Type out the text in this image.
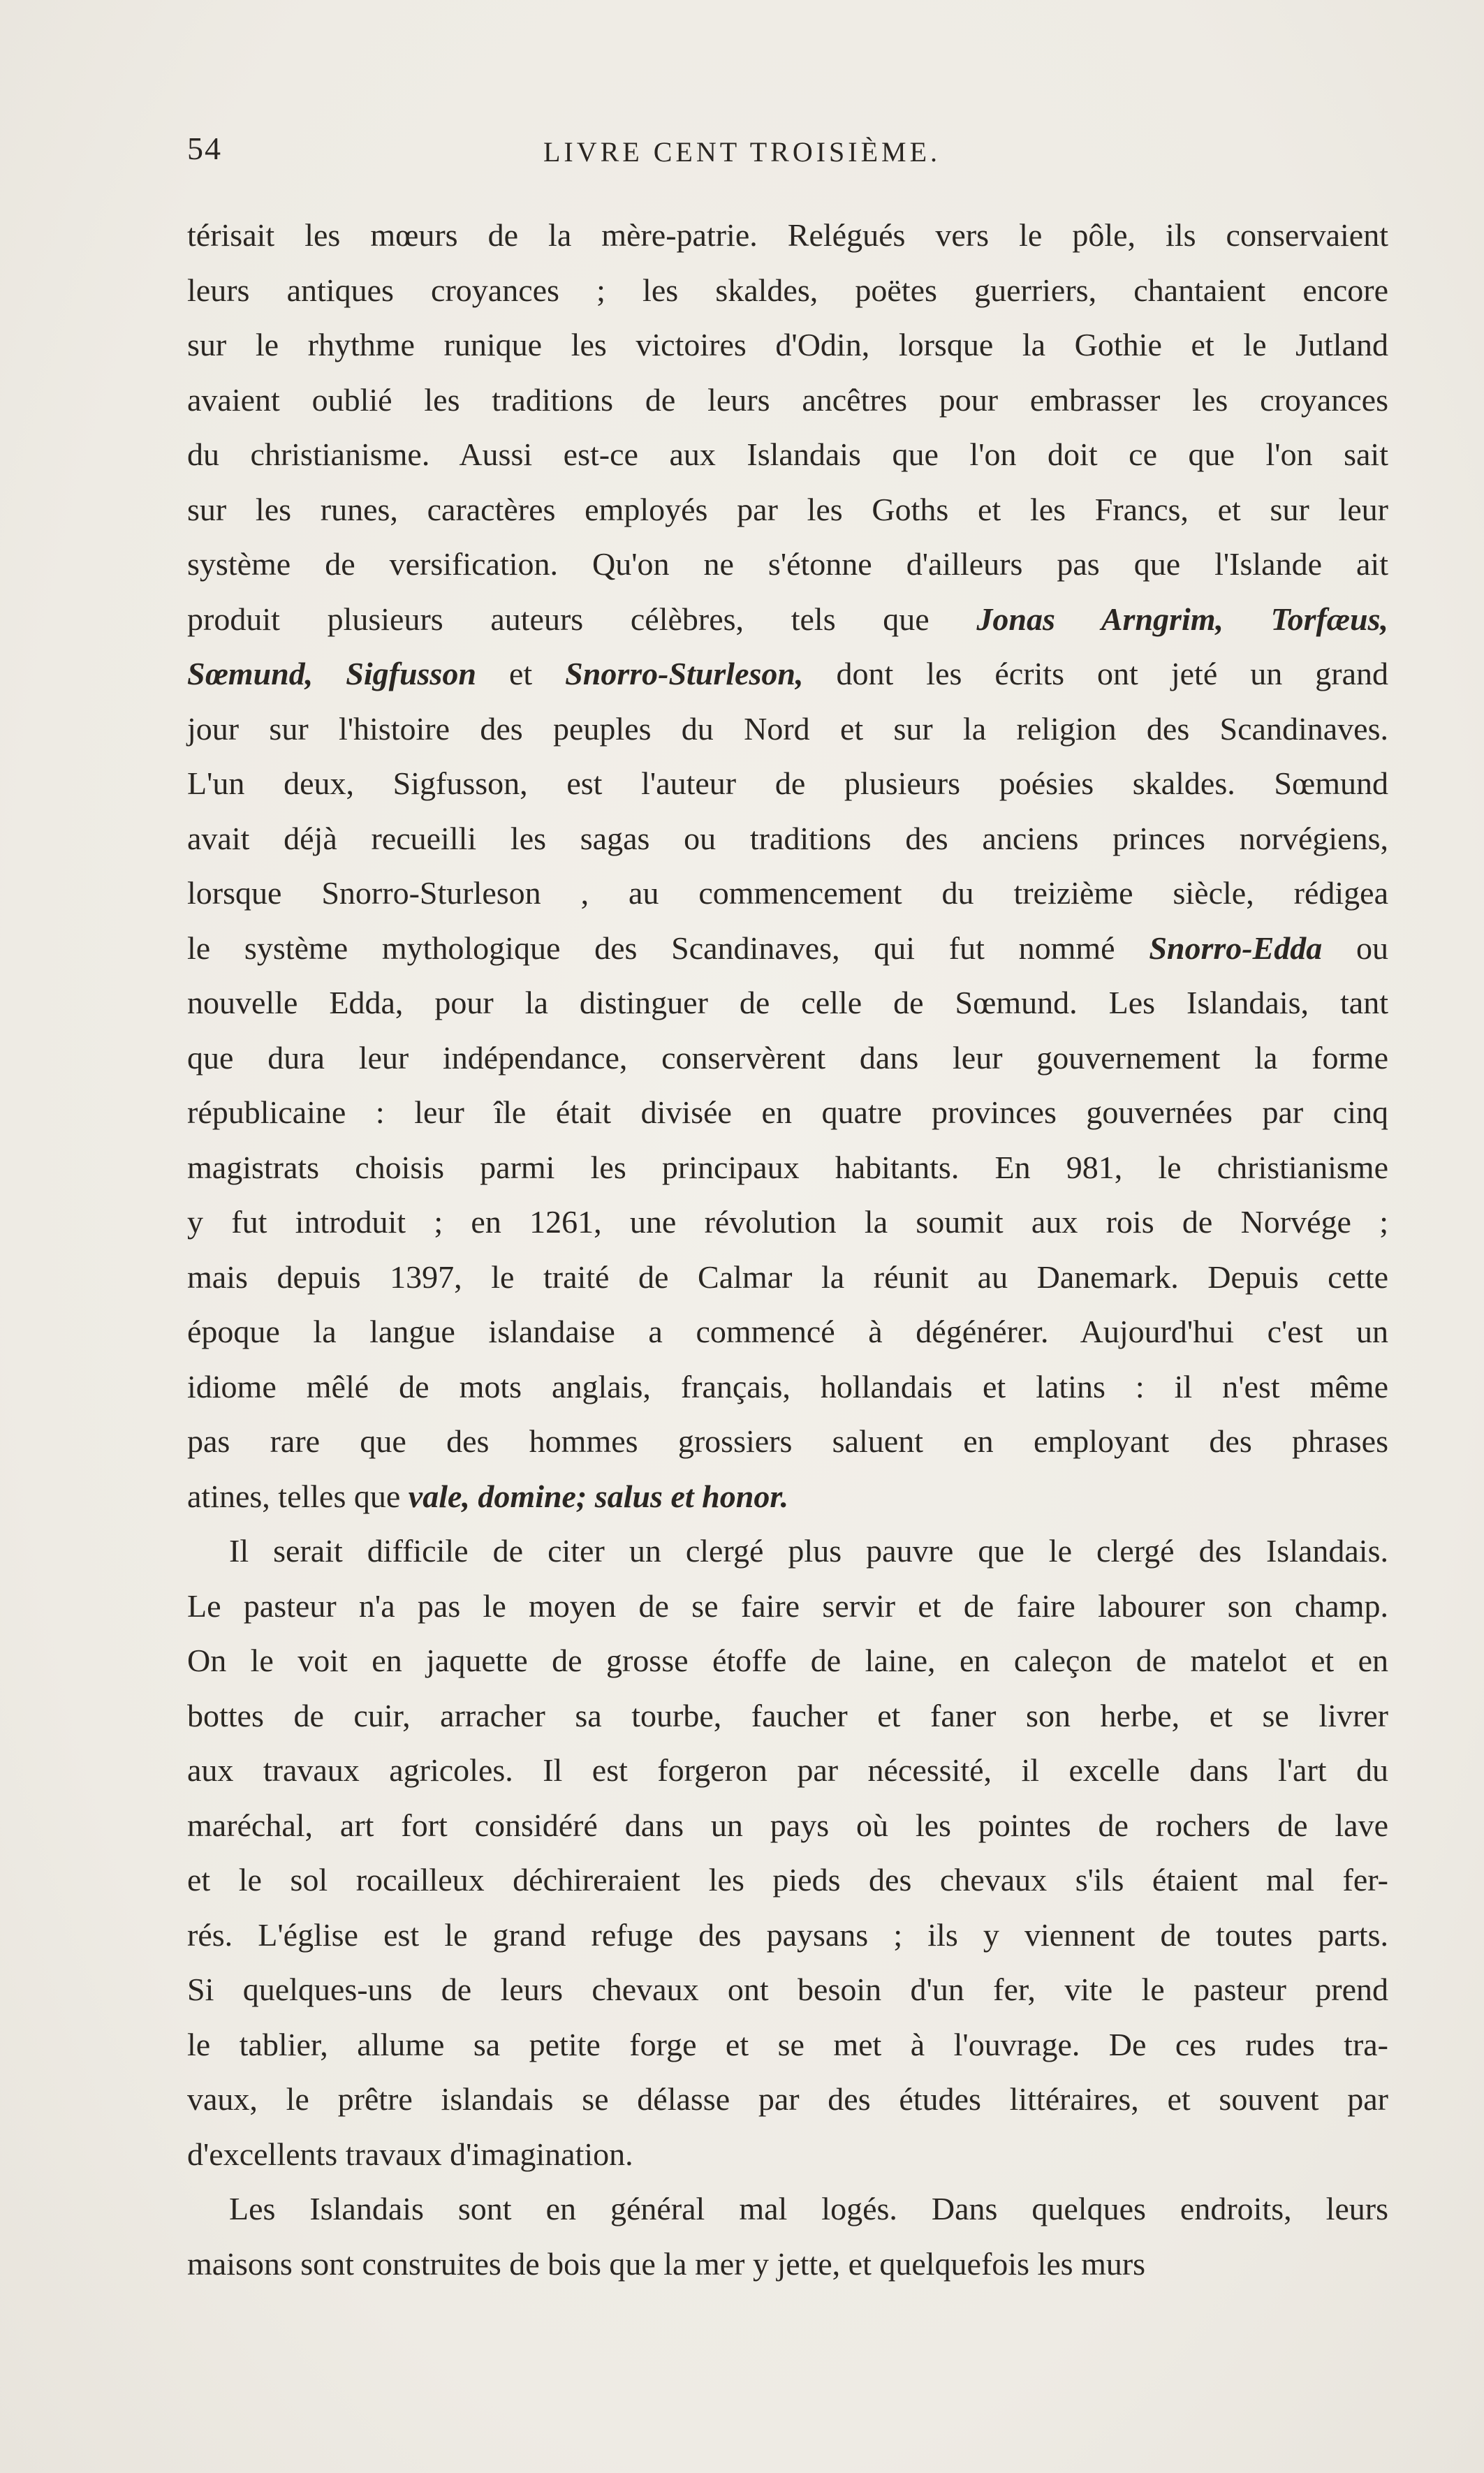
54	LIVRE CENT TROISIÈME.
térisait les mœurs de la mère-patrie. Relégués vers le pôle, ils conservaient
leurs antiques croyances ; les skaldes, poëtes guerriers, chantaient encore
sur le rhythme runique les victoires d'Odin, lorsque la Gothie et le Jutland
avaient oublié les traditions de leurs ancêtres pour embrasser les croyances
du christianisme. Aussi est-ce aux Islandais que l'on doit ce que l'on sait
sur les runes, caractères employés par les Goths et les Francs, et sur leur
système de versification. Qu'on ne s'étonne d'ailleurs pas que l'Islande ait
produit plusieurs auteurs célèbres, tels que Jonas Arngrim, Torfæus,
Sœmund, Sigfusson et Snorro-Sturleson, dont les écrits ont jeté un grand
jour sur l'histoire des peuples du Nord et sur la religion des Scandinaves.
L'un deux, Sigfusson, est l'auteur de plusieurs poésies skaldes. Sœmund
avait déjà recueilli les sagas ou traditions des anciens princes norvégiens,
lorsque Snorro-Sturleson , au commencement du treizième siècle, rédigea
le système mythologique des Scandinaves, qui fut nommé Snorro-Edda ou
nouvelle Edda, pour la distinguer de celle de Sœmund. Les Islandais, tant
que dura leur indépendance, conservèrent dans leur gouvernement la forme
républicaine : leur île était divisée en quatre provinces gouvernées par cinq
magistrats choisis parmi les principaux habitants. En 981, le christianisme
y fut introduit ; en 1261, une révolution la soumit aux rois de Norvége ;
mais depuis 1397, le traité de Calmar la réunit au Danemark. Depuis cette
époque la langue islandaise a commencé à dégénérer. Aujourd'hui c'est un
idiome mêlé de mots anglais, français, hollandais et latins : il n'est même
pas rare que des hommes grossiers saluent en employant des phrases
atines, telles que vale, domine; salus et honor.
Il serait difficile de citer un clergé plus pauvre que le clergé des Islandais.
Le pasteur n'a pas le moyen de se faire servir et de faire labourer son champ.
On le voit en jaquette de grosse étoffe de laine, en caleçon de matelot et en
bottes de cuir, arracher sa tourbe, faucher et faner son herbe, et se livrer
aux travaux agricoles. Il est forgeron par nécessité, il excelle dans l'art du
maréchal, art fort considéré dans un pays où les pointes de rochers de lave
et le sol rocailleux déchireraient les pieds des chevaux s'ils étaient mal fer-
rés. L'église est le grand refuge des paysans ; ils y viennent de toutes parts.
Si quelques-uns de leurs chevaux ont besoin d'un fer, vite le pasteur prend
le tablier, allume sa petite forge et se met à l'ouvrage. De ces rudes tra-
vaux, le prêtre islandais se délasse par des études littéraires, et souvent par
d'excellents travaux d'imagination.
Les Islandais sont en général mal logés. Dans quelques endroits, leurs
maisons sont construites de bois que la mer y jette, et quelquefois les murs
